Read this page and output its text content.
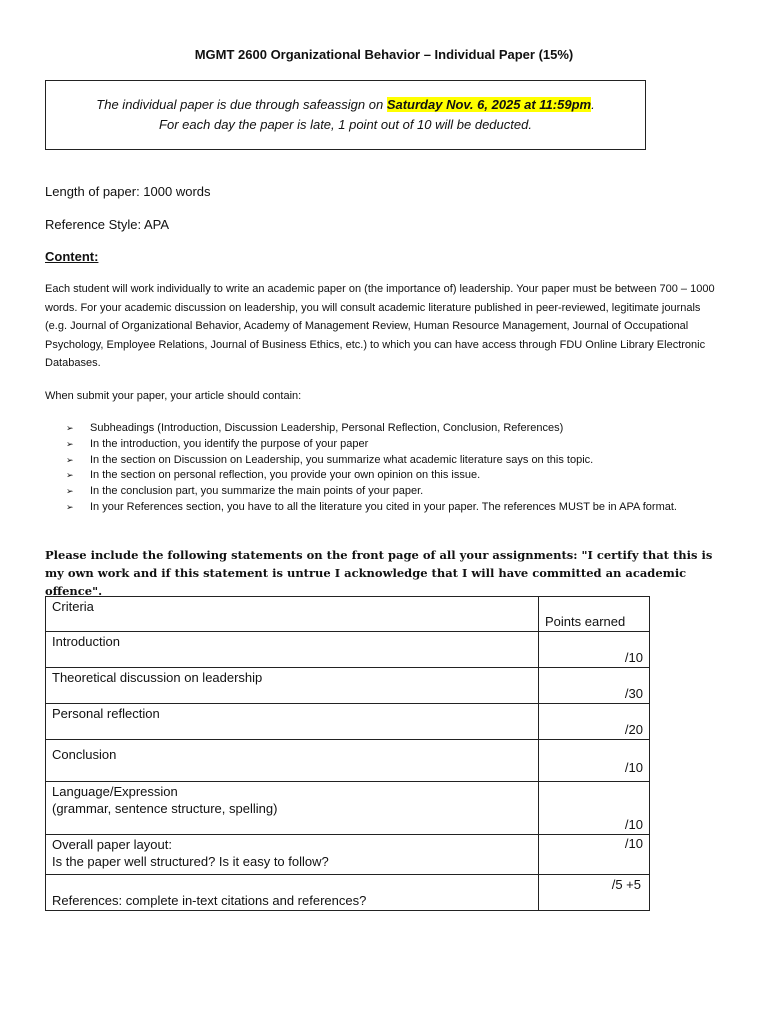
MGMT 2600 Organizational Behavior – Individual Paper (15%)
The individual paper is due through safeassign on Saturday Nov. 6, 2025 at 11:59pm.
For each day the paper is late, 1 point out of 10 will be deducted.
Length of paper: 1000 words
Reference Style: APA
Content:
Each student will work individually to write an academic paper on (the importance of) leadership. Your paper must be between 700 – 1000 words. For your academic discussion on leadership, you will consult academic literature published in peer-reviewed, legitimate journals (e.g. Journal of Organizational Behavior, Academy of Management Review, Human Resource Management, Journal of Occupational Psychology, Employee Relations, Journal of Business Ethics, etc.) to which you can have access through FDU Online Library Electronic Databases.
When submit your paper, your article should contain:
➢ Subheadings (Introduction, Discussion Leadership, Personal Reflection, Conclusion, References)
➢ In the introduction, you identify the purpose of your paper
➢ In the section on Discussion on Leadership, you summarize what academic literature says on this topic.
➢ In the section on personal reflection, you provide your own opinion on this issue.
➢ In the conclusion part, you summarize the main points of your paper.
➢ In your References section, you have to all the literature you cited in your paper. The references MUST be in APA format.
Please include the following statements on the front page of all your assignments: "I certify that this is my own work and if this statement is untrue I acknowledge that I will have committed an academic offence".
Criteria	Points earned

Introduction	/10

Theoretical discussion on leadership	/30

Personal reflection	/20

Conclusion	/10

Language/Expression
(grammar, sentence structure, spelling)	/10

Overall paper layout:
Is the paper well structured? Is it easy to follow?	/10

References: complete in-text citations and references?	/5 +5
